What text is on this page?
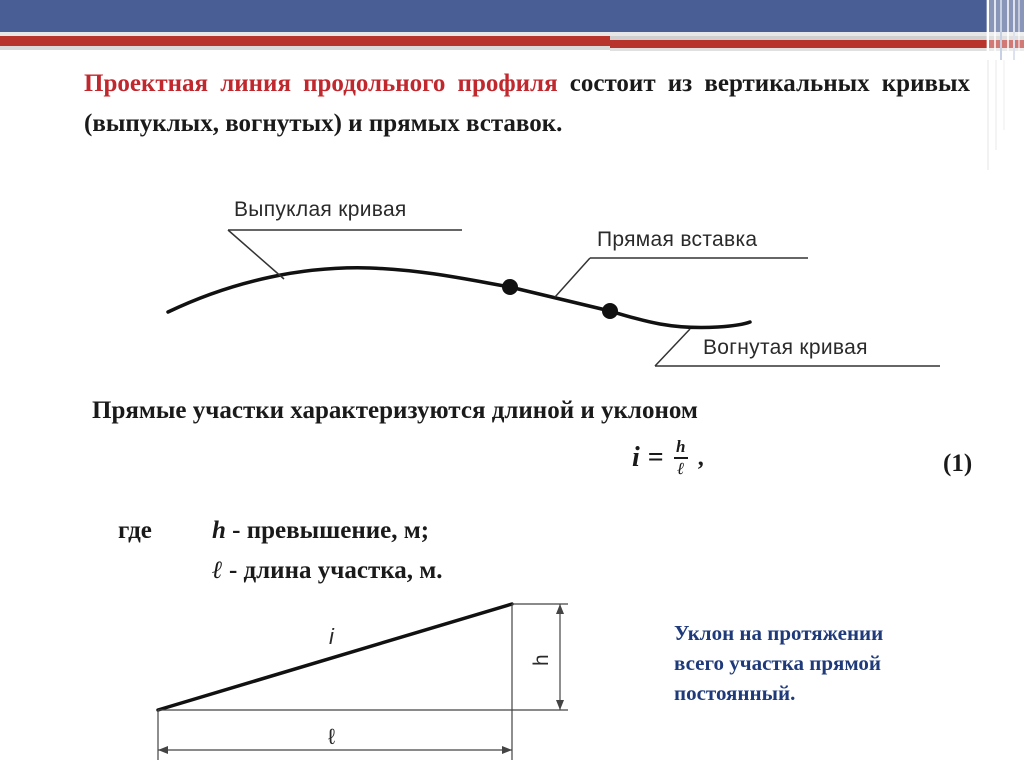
Проектная линия продольного профиля состоит из вертикальных кривых (выпуклых, вогнутых) и прямых вставок.
Выпуклая кривая
Прямая вставка
Вогнутая кривая
Прямые участки характеризуются длиной и уклоном
$i = \frac{h}{\text{ℓ}}$ ,	(1)
где h - превышение, м;
ℓ - длина участка, м.
i
h
ℓ
Уклон на протяжении
всего участка прямой
постоянный.
